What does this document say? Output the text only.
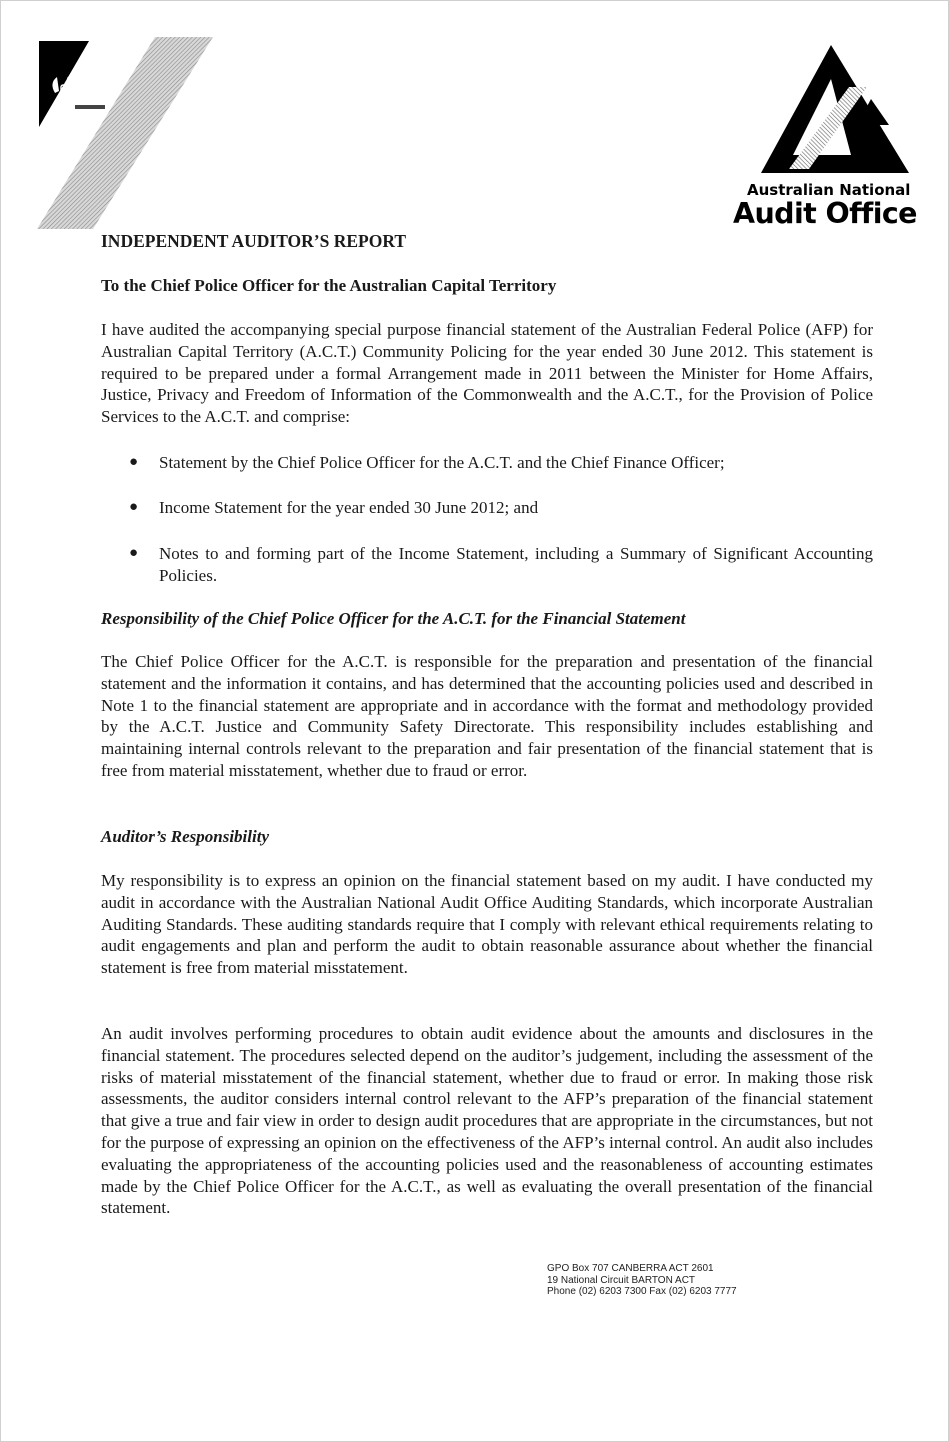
Australian National
Audit Office
INDEPENDENT AUDITOR’S REPORT
To the Chief Police Officer for the Australian Capital Territory

I have audited the accompanying special purpose financial statement of the Australian Federal Police (AFP) for Australian Capital Territory (A.C.T.) Community Policing for the year ended 30 June 2012. This statement is required to be prepared under a formal Arrangement made in 2011 between the Minister for Home Affairs, Justice, Privacy and Freedom of Information of the Commonwealth and the A.C.T., for the Provision of Police Services to the A.C.T. and comprise:

● Statement by the Chief Police Officer for the A.C.T. and the Chief Finance Officer;
● Income Statement for the year ended 30 June 2012; and
● Notes to and forming part of the Income Statement, including a Summary of Significant Accounting Policies.
Responsibility of the Chief Police Officer for the A.C.T. for the Financial Statement

The Chief Police Officer for the A.C.T. is responsible for the preparation and presentation of the financial statement and the information it contains, and has determined that the accounting policies used and described in Note 1 to the financial statement are appropriate and in accordance with the format and methodology provided by the A.C.T. Justice and Community Safety Directorate. This responsibility includes establishing and maintaining internal controls relevant to the preparation and fair presentation of the financial statement that is free from material misstatement, whether due to fraud or error.

Auditor’s Responsibility

My responsibility is to express an opinion on the financial statement based on my audit. I have conducted my audit in accordance with the Australian National Audit Office Auditing Standards, which incorporate Australian Auditing Standards. These auditing standards require that I comply with relevant ethical requirements relating to audit engagements and plan and perform the audit to obtain reasonable assurance about whether the financial statement is free from material misstatement.

An audit involves performing procedures to obtain audit evidence about the amounts and disclosures in the financial statement. The procedures selected depend on the auditor’s judgement, including the assessment of the risks of material misstatement of the financial statement, whether due to fraud or error. In making those risk assessments, the auditor considers internal control relevant to the AFP’s preparation of the financial statement that give a true and fair view in order to design audit procedures that are appropriate in the circumstances, but not for the purpose of expressing an opinion on the effectiveness of the AFP’s internal control. An audit also includes evaluating the appropriateness of the accounting policies used and the reasonableness of accounting estimates made by the Chief Police Officer for the A.C.T., as well as evaluating the overall presentation of the financial statement.

GPO Box 707 CANBERRA ACT 2601
19 National Circuit BARTON ACT
Phone (02) 6203 7300 Fax (02) 6203 7777
